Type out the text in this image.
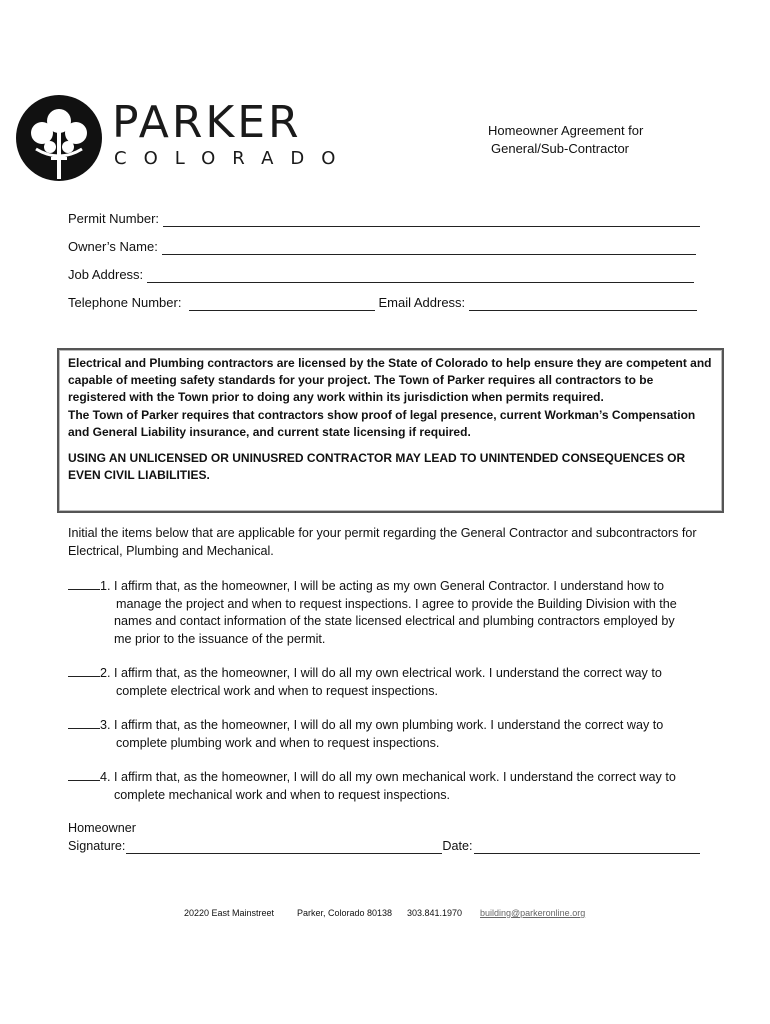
PARKER
COLORADO
Homeowner Agreement for
General/Sub-Contractor
Permit Number:
Owner’s Name:
Job Address:
Telephone Number:	Email Address:

Electrical and Plumbing contractors are licensed by the State of Colorado to help ensure they are competent and capable of meeting safety standards for your project. The Town of Parker requires all contractors to be registered with the Town prior to doing any work within its jurisdiction when permits required.

The Town of Parker requires that contractors show proof of legal presence, current Workman’s Compensation and General Liability insurance, and current state licensing if required.

USING AN UNLICENSED OR UNINUSRED CONTRACTOR MAY LEAD TO UNINTENDED CONSEQUENCES OR EVEN CIVIL LIABILITIES.

Initial the items below that are applicable for your permit regarding the General Contractor and subcontractors for Electrical, Plumbing and Mechanical.
1. I affirm that, as the homeowner, I will be acting as my own General Contractor. I understand how to
manage the project and when to request inspections. I agree to provide the Building Division with the
names and contact information of the state licensed electrical and plumbing contractors employed by
me prior to the issuance of the permit.
2. I affirm that, as the homeowner, I will do all my own electrical work. I understand the correct way to
complete electrical work and when to request inspections.
3. I affirm that, as the homeowner, I will do all my own plumbing work. I understand the correct way to
complete plumbing work and when to request inspections.
4. I affirm that, as the homeowner, I will do all my own mechanical work. I understand the correct way to
complete mechanical work and when to request inspections.
Homeowner
Signature:	Date:
20220 East Mainstreet	Parker, Colorado 80138 303.841.1970 building@parkeronline.org
